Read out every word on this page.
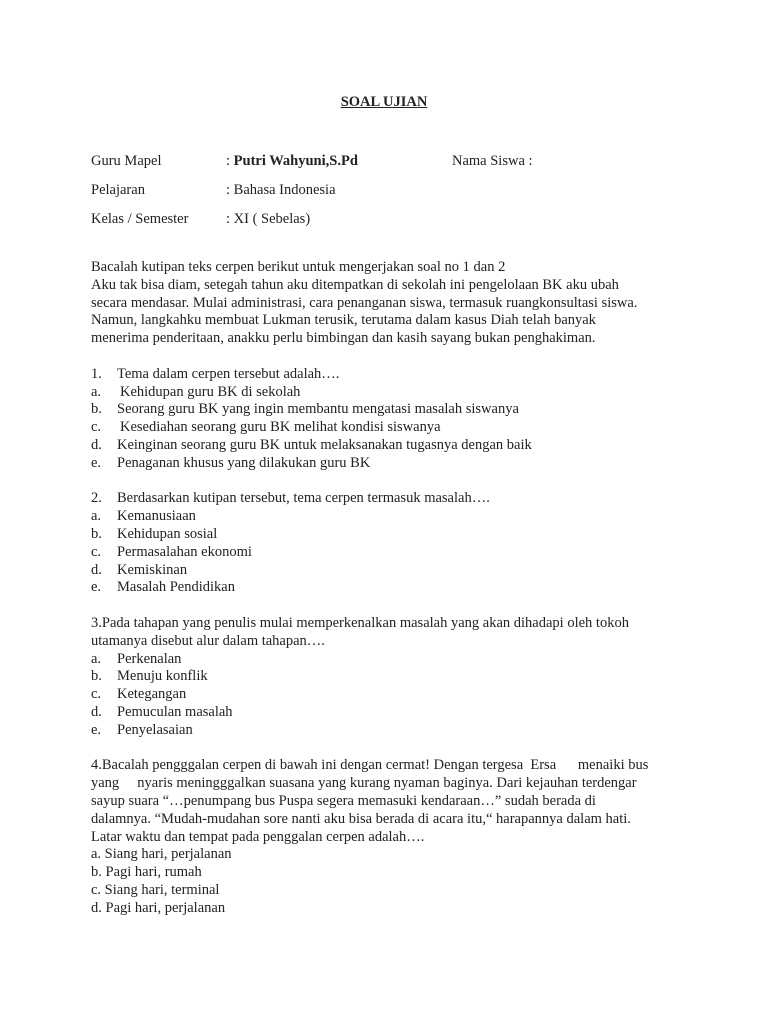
SOAL UJIAN
Guru Mapel	: Putri Wahyuni,S.Pd	Nama Siswa :
Pelajaran	: Bahasa Indonesia
Kelas / Semester	: XI ( Sebelas)
Bacalah kutipan teks cerpen berikut untuk mengerjakan soal no 1 dan 2
Aku tak bisa diam, setegah tahun aku ditempatkan di sekolah ini pengelolaan BK aku ubah
secara mendasar. Mulai administrasi, cara penanganan siswa, termasuk ruangkonsultasi siswa.
Namun, langkahku membuat Lukman terusik, terutama dalam kasus Diah telah banyak
menerima penderitaan, anakku perlu bimbingan dan kasih sayang bukan penghakiman.
1.	Tema dalam cerpen tersebut adalah….
a.	Kehidupan guru BK di sekolah
b.	Seorang guru BK yang ingin membantu mengatasi masalah siswanya
c.	Kesediahan seorang guru BK melihat kondisi siswanya
d.	Keinginan seorang guru BK untuk melaksanakan tugasnya dengan baik
e.	Penaganan khusus yang dilakukan guru BK
2.	Berdasarkan kutipan tersebut, tema cerpen termasuk masalah….
a.	Kemanusiaan
b.	Kehidupan sosial
c.	Permasalahan ekonomi
d.	Kemiskinan
e.	Masalah Pendidikan
3.Pada tahapan yang penulis mulai memperkenalkan masalah yang akan dihadapi oleh tokoh
utamanya disebut alur dalam tahapan….
a.	Perkenalan
b.	Menuju konflik
c.	Ketegangan
d.	Pemuculan masalah
e.	Penyelasaian
4.Bacalah pengggalan cerpen di bawah ini dengan cermat! Dengan tergesa  Ersa      menaiki bus
yang     nyaris meningggalkan suasana yang kurang nyaman baginya. Dari kejauhan terdengar
sayup suara “…penumpang bus Puspa segera memasuki kendaraan…” sudah berada di
dalamnya. “Mudah-mudahan sore nanti aku bisa berada di acara itu,“ harapannya dalam hati.
Latar waktu dan tempat pada penggalan cerpen adalah….
a. Siang hari, perjalanan
b. Pagi hari, rumah
c. Siang hari, terminal
d. Pagi hari, perjalanan
